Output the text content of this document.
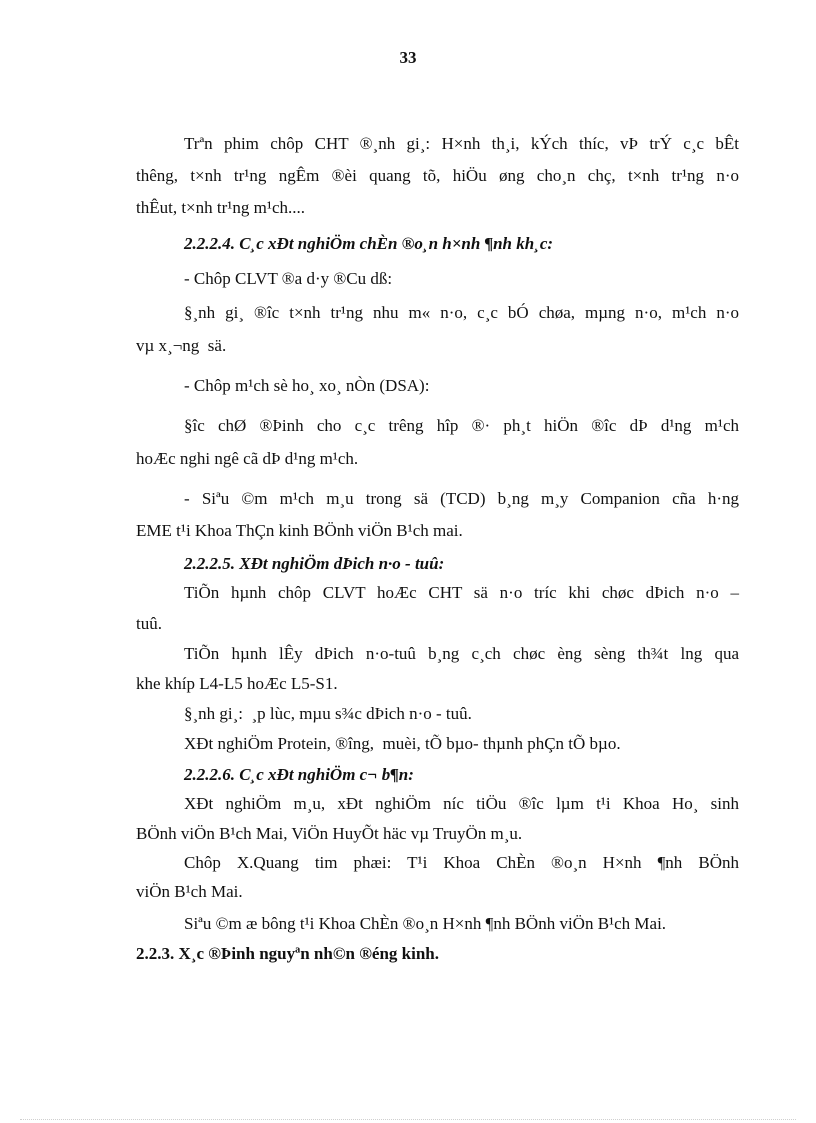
33
Trªn phim chôp CHT ®¸nh gi¸: H×nh th¸i, kÝch thíc, vÞ trÝ c¸c bÊt
thêng, t×nh tr¹ng ngÊm ®èi quang tõ, hiÖu øng cho¸n chç, t×nh tr¹ng n·o
thÊut, t×nh tr¹ng m¹ch....
2.2.2.4. C¸c xÐt nghiÖm chÈn ®o¸n h×nh ¶nh kh¸c:
- Chôp CLVT ®a d·y ®Cu dß:
§¸nh gi¸ ®îc t×nh tr¹ng nhu m« n·o, c¸c bÓ chøa, mµng n·o, m¹ch n·o
vµ x¸¬ng  sä.
- Chôp m¹ch sè ho¸ xo¸ nÒn (DSA):
§îc chØ ®Þinh cho c¸c trêng hîp ®· ph¸t hiÖn ®îc dÞ d¹ng m¹ch
hoÆc nghi ngê cã dÞ d¹ng m¹ch.
- Siªu ©m m¹ch m¸u trong sä (TCD) b¸ng m¸y Companion cña h·ng
EME t¹i Khoa ThÇn kinh BÖnh viÖn B¹ch mai.
2.2.2.5. XÐt nghiÖm dÞich n·o - tuû:
TiÕn hµnh chôp CLVT hoÆc CHT sä n·o tríc khi chøc dÞich n·o –
tuû.
TiÕn hµnh lÊy dÞich n·o-tuû b¸ng c¸ch chøc èng sèng th¾t lng qua
khe khíp L4-L5 hoÆc L5-S1.
§¸nh gi¸:  ¸p lùc, mµu s¾c dÞich n·o - tuû.
XÐt nghiÖm Protein, ®îng,  muèi, tÕ bµo- thµnh phÇn tÕ bµo.
2.2.2.6. C¸c xÐt nghiÖm c¬ b¶n:
XÐt nghiÖm m¸u, xÐt nghiÖm níc tiÖu ®îc lµm t¹i Khoa Ho¸ sinh
BÖnh viÖn B¹ch Mai, ViÖn HuyÕt häc vµ TruyÖn m¸u.
Chôp X.Quang tim phæi: T¹i Khoa ChÈn ®o¸n H×nh ¶nh BÖnh
viÖn B¹ch Mai.
Siªu ©m æ bông t¹i Khoa ChÈn ®o¸n H×nh ¶nh BÖnh viÖn B¹ch Mai.
2.2.3. X¸c ®Þinh nguyªn nh©n ®éng kinh.
